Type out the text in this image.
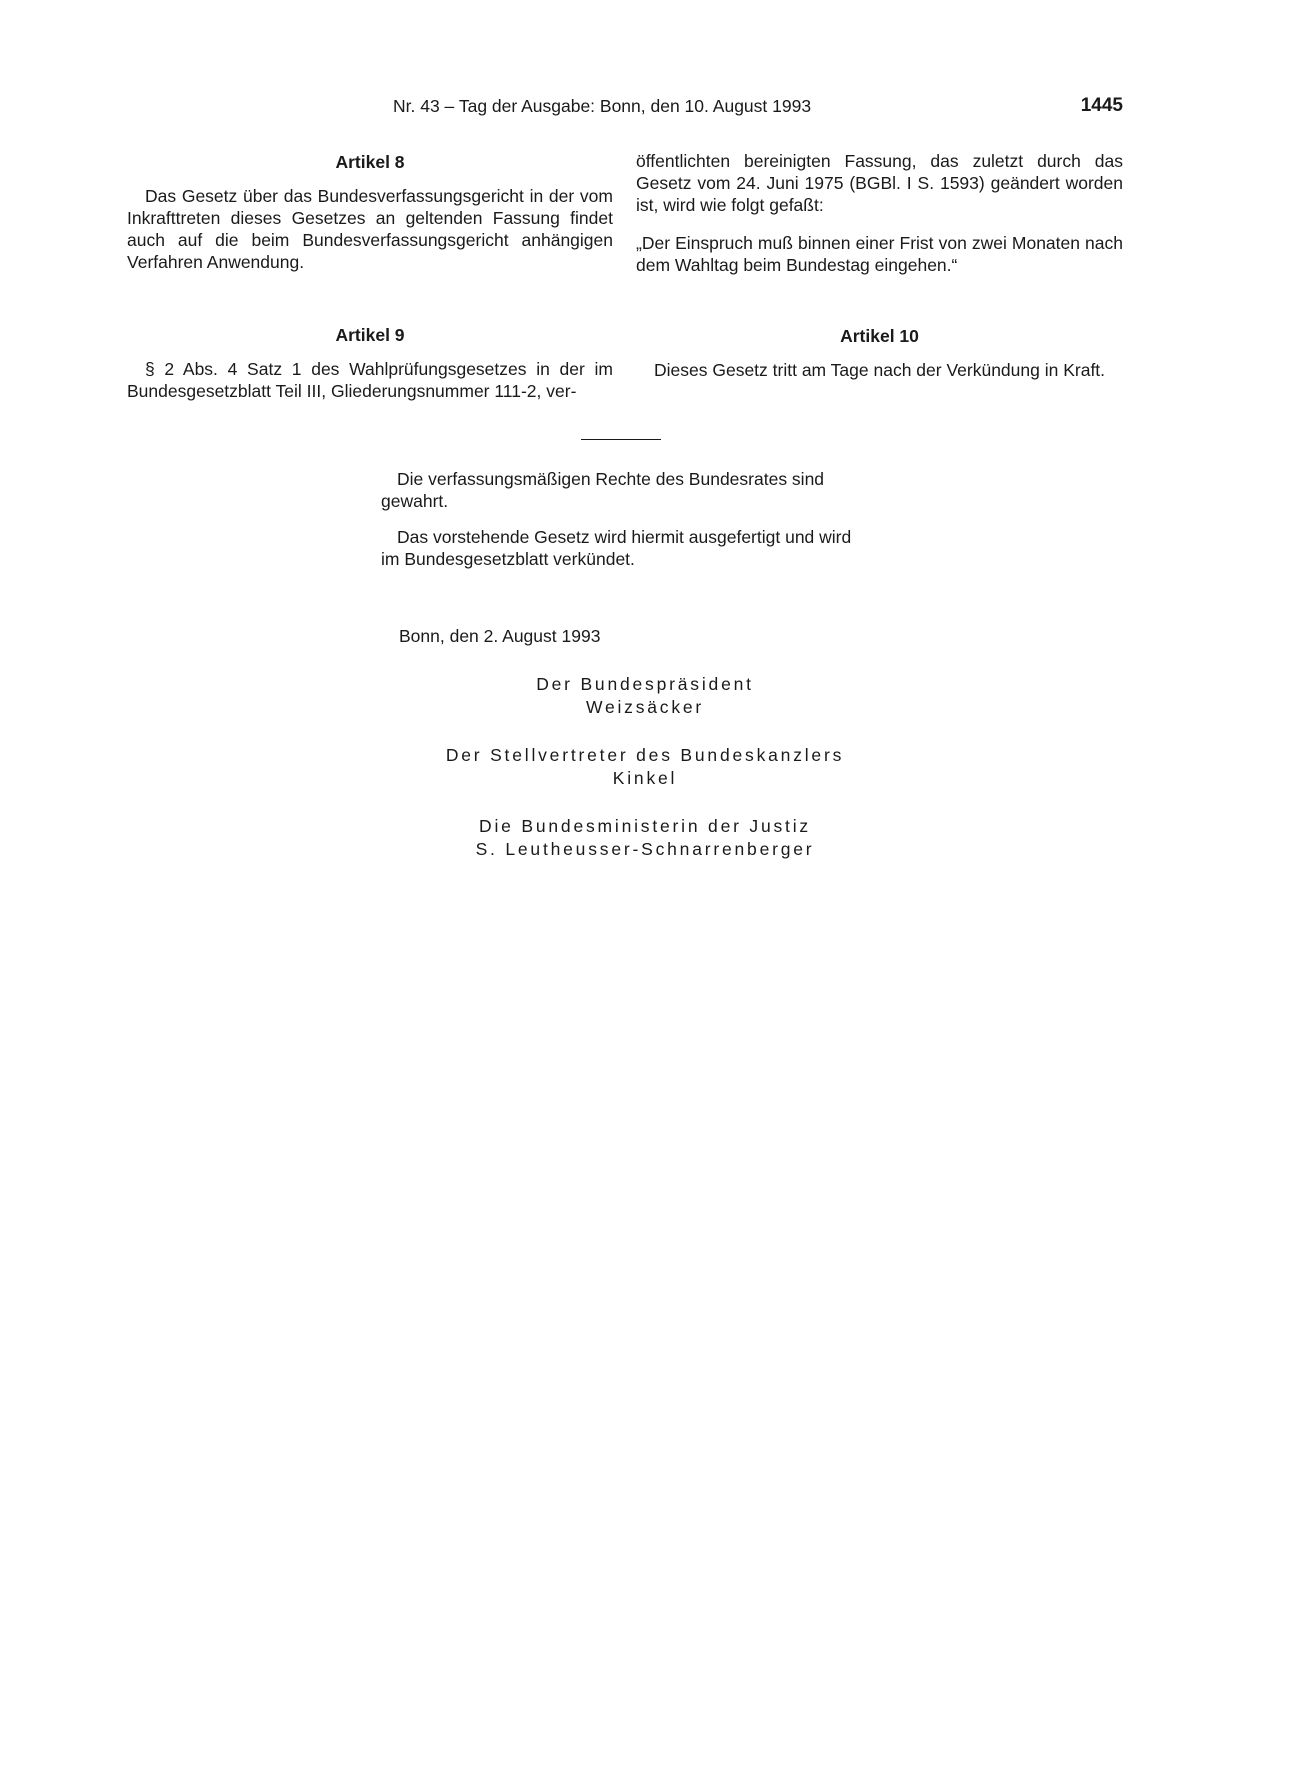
Nr. 43 – Tag der Ausgabe: Bonn, den 10. August 1993	1445
Artikel 8

Das Gesetz über das Bundesverfassungsgericht in der vom Inkrafttreten dieses Gesetzes an geltenden Fassung findet auch auf die beim Bundesverfassungsgericht anhängigen Verfahren Anwendung.

öffentlichten bereinigten Fassung, das zuletzt durch das Gesetz vom 24. Juni 1975 (BGBl. I S. 1593) geändert worden ist, wird wie folgt gefaßt:

„Der Einspruch muß binnen einer Frist von zwei Monaten nach dem Wahltag beim Bundestag eingehen.“

Artikel 9

§ 2 Abs. 4 Satz 1 des Wahlprüfungsgesetzes in der im Bundesgesetzblatt Teil III, Gliederungsnummer 111-2, ver-

Artikel 10

Dieses Gesetz tritt am Tage nach der Verkündung in Kraft.

Die verfassungsmäßigen Rechte des Bundesrates sind gewahrt.

Das vorstehende Gesetz wird hiermit ausgefertigt und wird im Bundesgesetzblatt verkündet.

Bonn, den 2. August 1993
Der Bundespräsident
Weizsäcker
Der Stellvertreter des Bundeskanzlers
Kinkel
Die Bundesministerin der Justiz
S. Leutheusser-Schnarrenberger
